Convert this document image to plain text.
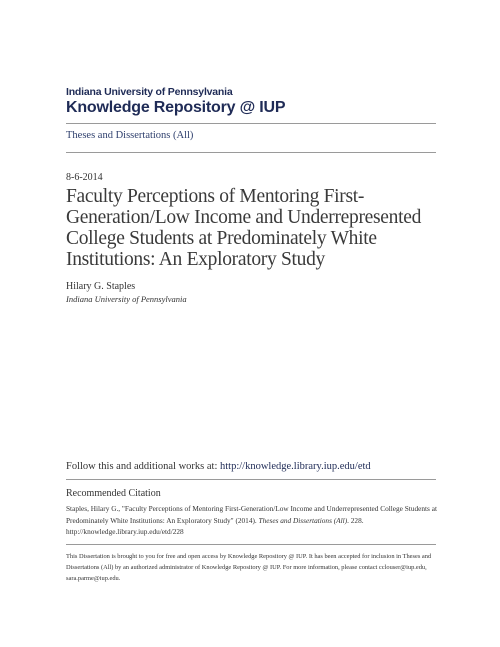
Indiana University of Pennsylvania
Knowledge Repository @ IUP
Theses and Dissertations (All)
8-6-2014
Faculty Perceptions of Mentoring First-Generation/Low Income and Underrepresented College Students at Predominately White Institutions: An Exploratory Study
Hilary G. Staples
Indiana University of Pennsylvania
Follow this and additional works at: http://knowledge.library.iup.edu/etd
Recommended Citation
Staples, Hilary G., "Faculty Perceptions of Mentoring First-Generation/Low Income and Underrepresented College Students at Predominately White Institutions: An Exploratory Study" (2014). Theses and Dissertations (All). 228.
http://knowledge.library.iup.edu/etd/228
This Dissertation is brought to you for free and open access by Knowledge Repository @ IUP. It has been accepted for inclusion in Theses and Dissertations (All) by an authorized administrator of Knowledge Repository @ IUP. For more information, please contact cclouser@iup.edu, sara.parme@iup.edu.
